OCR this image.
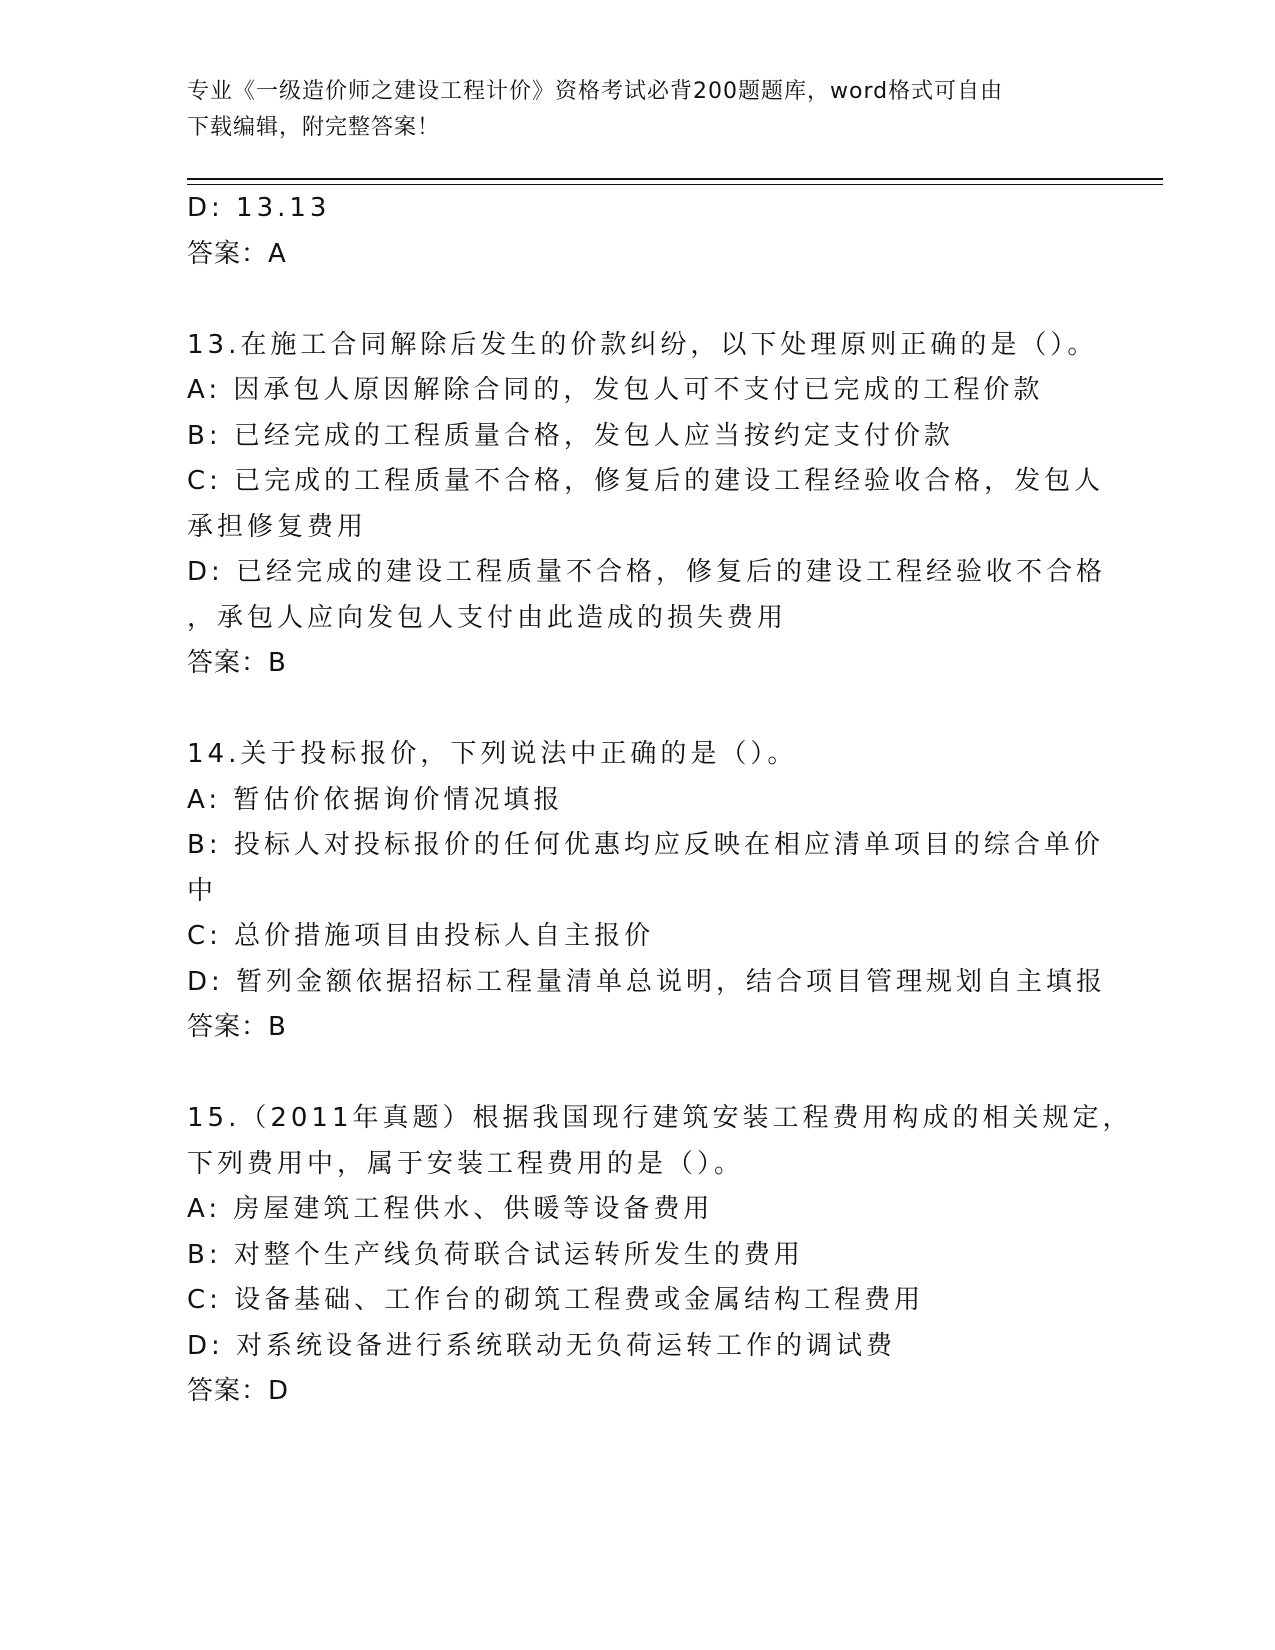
专业《一级造价师之建设工程计价》资格考试必背200题题库，word格式可自由
下载编辑，附完整答案！
D: 13.13
答案：A
13.在施工合同解除后发生的价款纠纷，以下处理原则正确的是（）。
A: 因承包人原因解除合同的，发包人可不支付已完成的工程价款
B: 已经完成的工程质量合格，发包人应当按约定支付价款
C: 已完成的工程质量不合格，修复后的建设工程经验收合格，发包人
承担修复费用
D: 已经完成的建设工程质量不合格，修复后的建设工程经验收不合格
，承包人应向发包人支付由此造成的损失费用
答案：B
14.关于投标报价，下列说法中正确的是（）。
A: 暂估价依据询价情况填报
B: 投标人对投标报价的任何优惠均应反映在相应清单项目的综合单价
中
C: 总价措施项目由投标人自主报价
D: 暂列金额依据招标工程量清单总说明，结合项目管理规划自主填报
答案：B
15.（2011年真题）根据我国现行建筑安装工程费用构成的相关规定，
下列费用中，属于安装工程费用的是（）。
A: 房屋建筑工程供水、供暖等设备费用
B: 对整个生产线负荷联合试运转所发生的费用
C: 设备基础、工作台的砌筑工程费或金属结构工程费用
D: 对系统设备进行系统联动无负荷运转工作的调试费
答案：D
